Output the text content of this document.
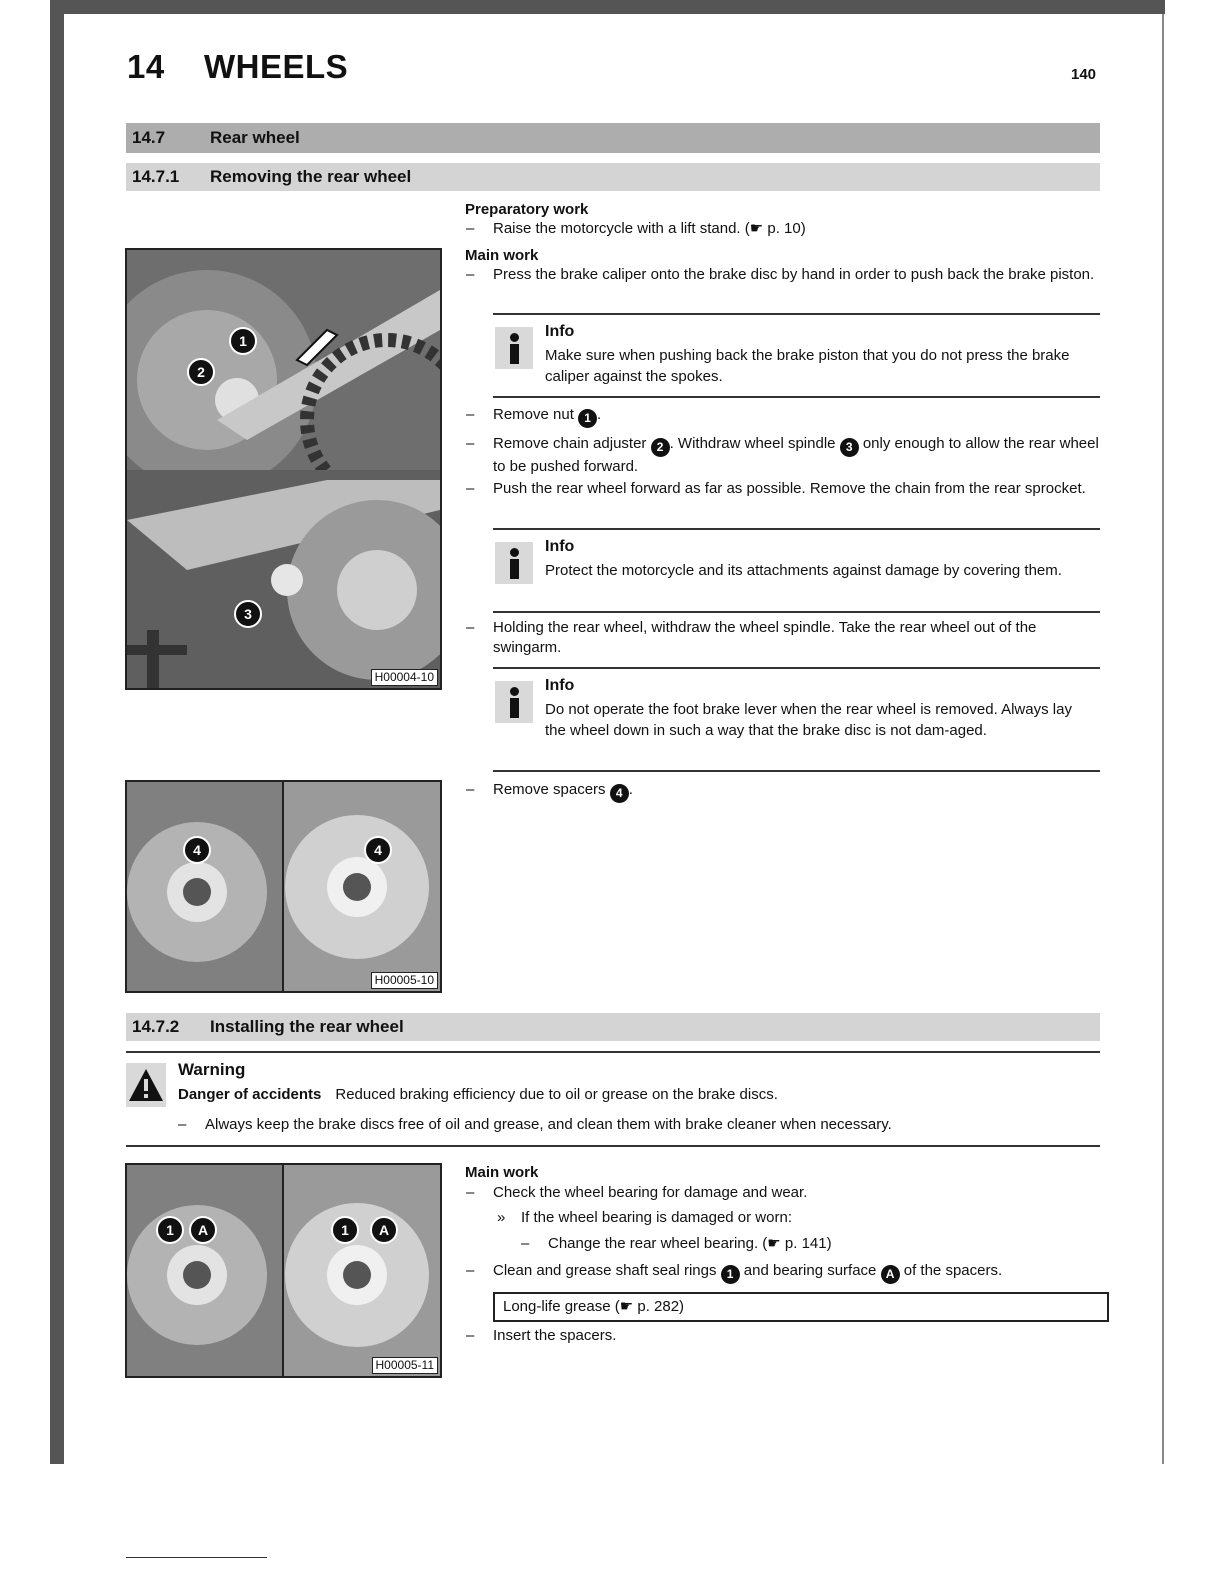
14 WHEELS	140
14.7	Rear wheel
14.7.1	Removing the rear wheel
1
2
3
H00004-10
4	4
H00005-10
Preparatory work
– Raise the motorcycle with a lift stand. (☛ p. 10)
Main work
– Press the brake caliper onto the brake disc by hand in order to push back the brake piston.
Info
Make sure when pushing back the brake piston that you do not press the brake caliper against the spokes.
– Remove nut 1 .
– Remove chain adjuster 2 . Withdraw wheel spindle 3 only enough to allow the rear wheel to be pushed forward.
– Push the rear wheel forward as far as possible. Remove the chain from the rear sprocket.
Info
Protect the motorcycle and its attachments against damage by covering them.
– Holding the rear wheel, withdraw the wheel spindle. Take the rear wheel out of the swingarm.
Info
Do not operate the foot brake lever when the rear wheel is removed. Always lay the wheel down in such a way that the brake disc is not dam-aged.
– Remove spacers 4 .
14.7.2	Installing the rear wheel
Warning
Danger of accidents Reduced braking efficiency due to oil or grease on the brake discs.
– Always keep the brake discs free of oil and grease, and clean them with brake cleaner when necessary.
1	A	1	A
H00005-11
Main work
– Check the wheel bearing for damage and wear.
» If the wheel bearing is damaged or worn:
– Change the rear wheel bearing. (☛ p. 141)
– Clean and grease shaft seal rings 1 and bearing surface A of the spacers.
Long-life grease (☛ p. 282)
– Insert the spacers.
